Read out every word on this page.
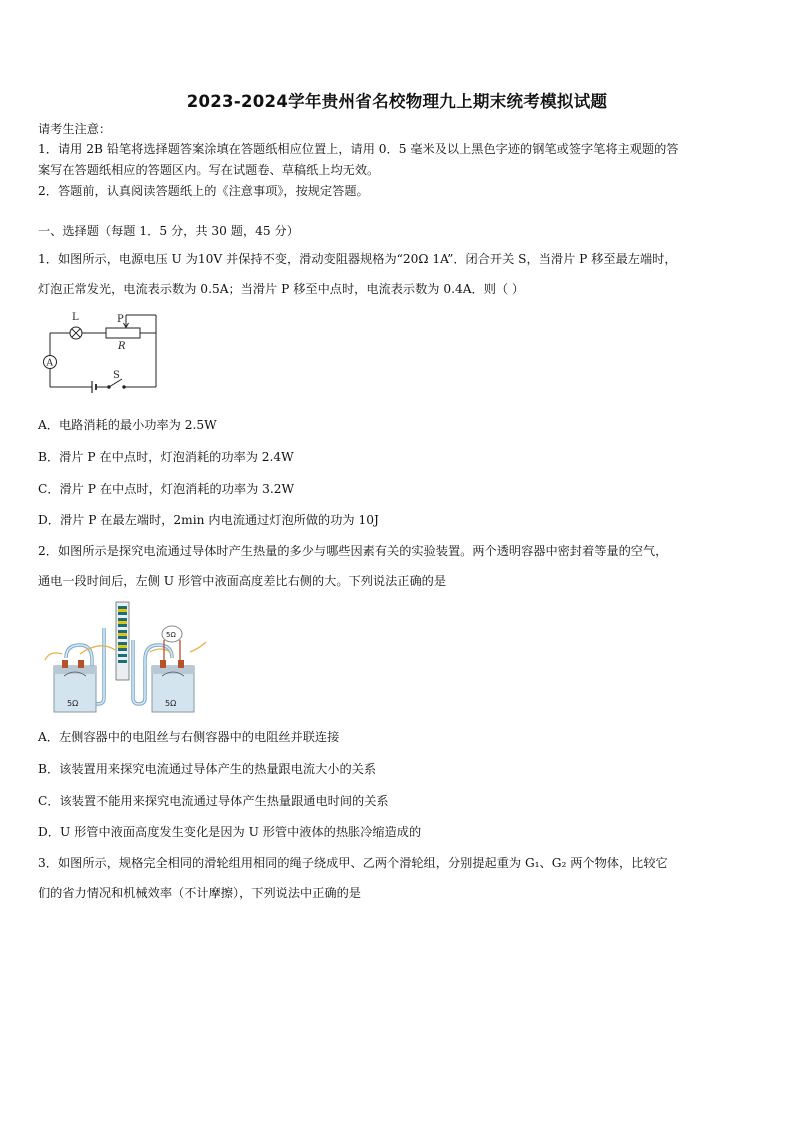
2023-2024学年贵州省名校物理九上期末统考模拟试题
请考生注意：
1．请用 2B 铅笔将选择题答案涂填在答题纸相应位置上，请用 0．5 毫米及以上黑色字迹的钢笔或签字笔将主观题的答
案写在答题纸相应的答题区内。写在试题卷、草稿纸上均无效。
2．答题前，认真阅读答题纸上的《注意事项》，按规定答题。
一、选择题（每题 1．5 分，共 30 题，45 分）
1．如图所示，电源电压 U 为10V 并保持不变，滑动变阻器规格为“20Ω 1A”．闭合开关 S，当滑片 P 移至最左端时，
灯泡正常发光，电流表示数为 0.5A；当滑片 P 移至中点时，电流表示数为 0.4A．则（ ）
L	P
R
A
S
A．电路消耗的最小功率为 2.5W
B．滑片 P 在中点时，灯泡消耗的功率为 2.4W
C．滑片 P 在中点时，灯泡消耗的功率为 3.2W
D．滑片 P 在最左端时，2min 内电流通过灯泡所做的功为 10J
2．如图所示是探究电流通过导体时产生热量的多少与哪些因素有关的实验装置。两个透明容器中密封着等量的空气，
通电一段时间后，左侧 U 形管中液面高度差比右侧的大。下列说法正确的是
5Ω
5Ω	5Ω
A．左侧容器中的电阻丝与右侧容器中的电阻丝并联连接
B．该装置用来探究电流通过导体产生的热量跟电流大小的关系
C．该装置不能用来探究电流通过导体产生热量跟通电时间的关系
D．U 形管中液面高度发生变化是因为 U 形管中液体的热胀冷缩造成的
3．如图所示，规格完全相同的滑轮组用相同的绳子绕成甲、乙两个滑轮组，分别提起重为 G₁、G₂ 两个物体，比较它
们的省力情况和机械效率（不计摩擦），下列说法中正确的是
